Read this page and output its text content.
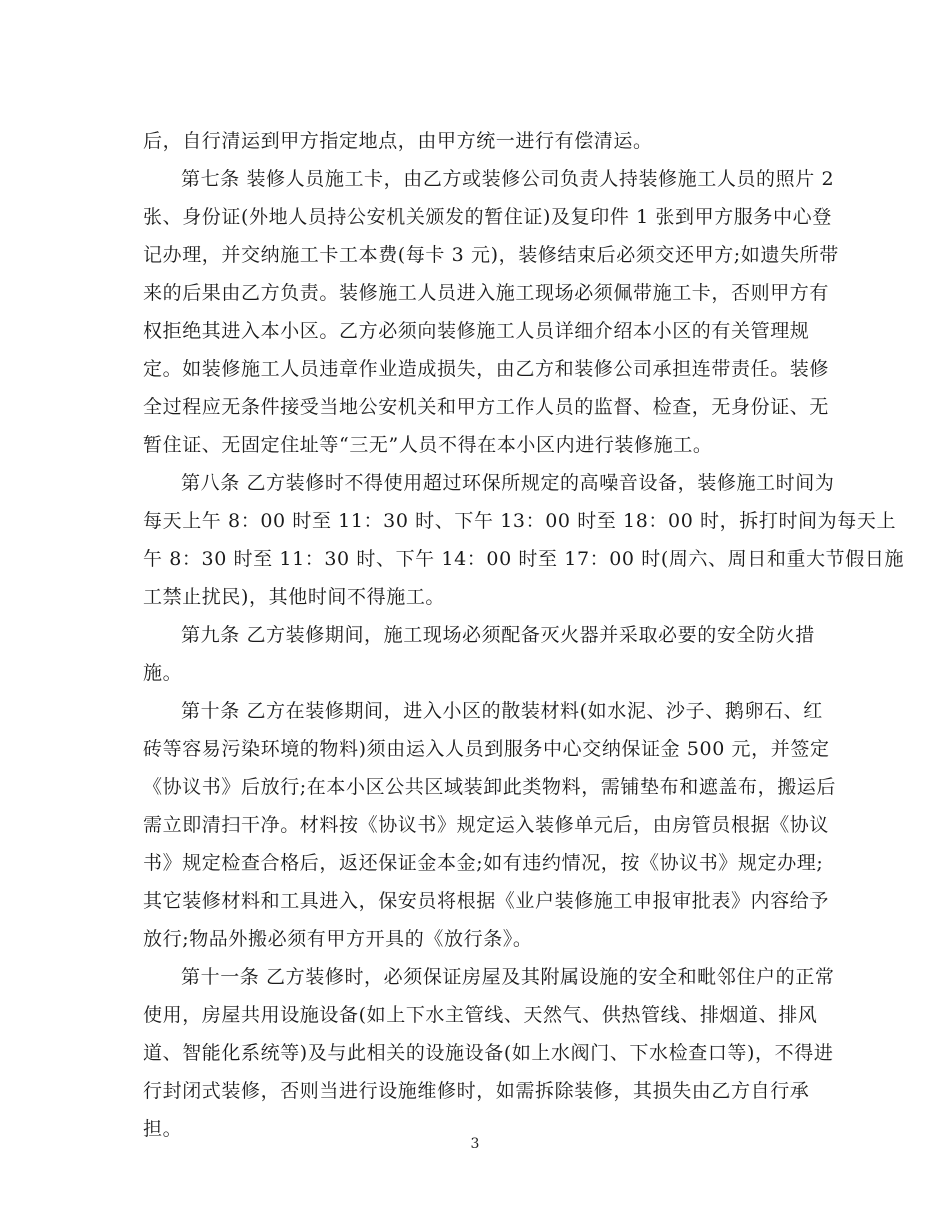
后，自行清运到甲方指定地点，由甲方统一进行有偿清运。
第七条 装修人员施工卡，由乙方或装修公司负责人持装修施工人员的照片 2
张、身份证(外地人员持公安机关颁发的暂住证)及复印件 1 张到甲方服务中心登
记办理，并交纳施工卡工本费(每卡 3 元)，装修结束后必须交还甲方;如遗失所带
来的后果由乙方负责。装修施工人员进入施工现场必须佩带施工卡，否则甲方有
权拒绝其进入本小区。乙方必须向装修施工人员详细介绍本小区的有关管理规
定。如装修施工人员违章作业造成损失，由乙方和装修公司承担连带责任。装修
全过程应无条件接受当地公安机关和甲方工作人员的监督、检查，无身份证、无
暂住证、无固定住址等“三无”人员不得在本小区内进行装修施工。
第八条 乙方装修时不得使用超过环保所规定的高噪音设备，装修施工时间为
每天上午 8：00 时至 11：30 时、下午 13：00 时至 18：00 时，拆打时间为每天上
午 8：30 时至 11：30 时、下午 14：00 时至 17：00 时(周六、周日和重大节假日施
工禁止扰民)，其他时间不得施工。
第九条 乙方装修期间，施工现场必须配备灭火器并采取必要的安全防火措
施。
第十条 乙方在装修期间，进入小区的散装材料(如水泥、沙子、鹅卵石、红
砖等容易污染环境的物料)须由运入人员到服务中心交纳保证金 500 元，并签定
《协议书》后放行;在本小区公共区域装卸此类物料，需铺垫布和遮盖布，搬运后
需立即清扫干净。材料按《协议书》规定运入装修单元后，由房管员根据《协议
书》规定检查合格后，返还保证金本金;如有违约情况，按《协议书》规定办理;
其它装修材料和工具进入，保安员将根据《业户装修施工申报审批表》内容给予
放行;物品外搬必须有甲方开具的《放行条》。
第十一条 乙方装修时，必须保证房屋及其附属设施的安全和毗邻住户的正常
使用，房屋共用设施设备(如上下水主管线、天然气、供热管线、排烟道、排风
道、智能化系统等)及与此相关的设施设备(如上水阀门、下水检查口等)，不得进
行封闭式装修，否则当进行设施维修时，如需拆除装修，其损失由乙方自行承
担。
3
